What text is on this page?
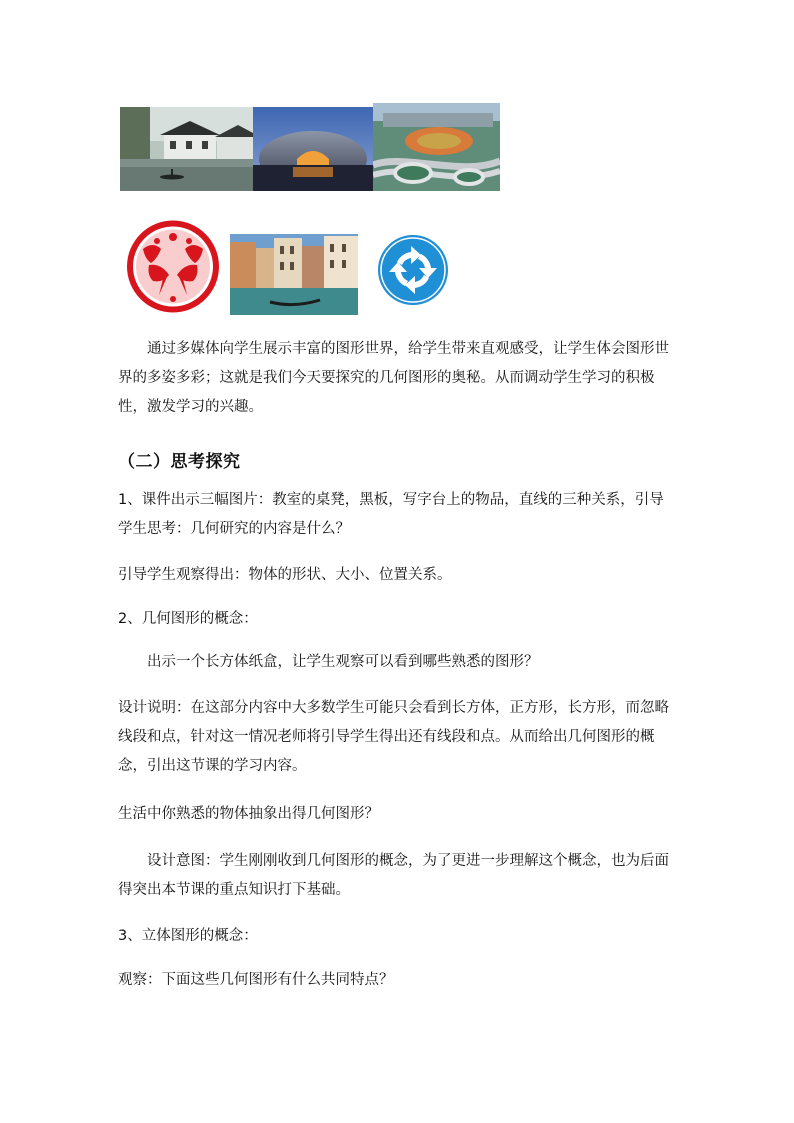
通过多媒体向学生展示丰富的图形世界，给学生带来直观感受，让学生体会图形世界的多姿多彩；这就是我们今天要探究的几何图形的奥秘。从而调动学生学习的积极性，激发学习的兴趣。

（二）思考探究

1、课件出示三幅图片：教室的桌凳，黑板，写字台上的物品，直线的三种关系，引导学生思考：几何研究的内容是什么？

引导学生观察得出：物体的形状、大小、位置关系。

2、几何图形的概念：

出示一个长方体纸盒，让学生观察可以看到哪些熟悉的图形？

设计说明：在这部分内容中大多数学生可能只会看到长方体，正方形，长方形，而忽略线段和点，针对这一情况老师将引导学生得出还有线段和点。从而给出几何图形的概念，引出这节课的学习内容。

生活中你熟悉的物体抽象出得几何图形？

设计意图：学生刚刚收到几何图形的概念，为了更进一步理解这个概念，也为后面得突出本节课的重点知识打下基础。

3、立体图形的概念：

观察：下面这些几何图形有什么共同特点？
